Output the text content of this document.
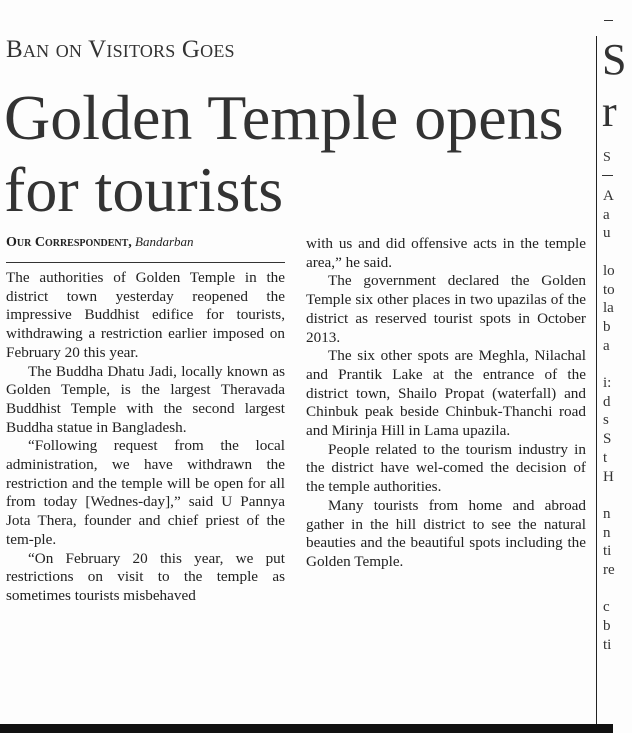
Ban on Visitors Goes
Golden Temple opens for tourists
Our Correspondent, Bandarban

The authorities of Golden Temple in the district town yesterday reopened the impressive Buddhist edifice for tourists, withdrawing a restriction earlier imposed on February 20 this year.

The Buddha Dhatu Jadi, locally known as Golden Temple, is the largest Theravada Buddhist Temple with the second largest Buddha statue in Bangladesh.

“Following request from the local administration, we have withdrawn the restriction and the temple will be open for all from today [Wednes-day],” said U Pannya Jota Thera, founder and chief priest of the tem-ple.

“On February 20 this year, we put restrictions on visit to the temple as sometimes tourists misbehaved

with us and did offensive acts in the temple area,” he said.

The government declared the Golden Temple six other places in two upazilas of the district as reserved tourist spots in October 2013.

The six other spots are Meghla, Nilachal and Prantik Lake at the entrance of the district town, Shailo Propat (waterfall) and Chinbuk peak beside Chinbuk-Thanchi road and Mirinja Hill in Lama upazila.

People related to the tourism industry in the district have wel-comed the decision of the temple authorities.

Many tourists from home and abroad gather in the hill district to see the natural beauties and the beautiful spots including the Golden Temple.

S
r
S
A
a
u

lo
to
la
b
a

i:
d
s
S
t
H

n
n
ti
re

c
b
ti
